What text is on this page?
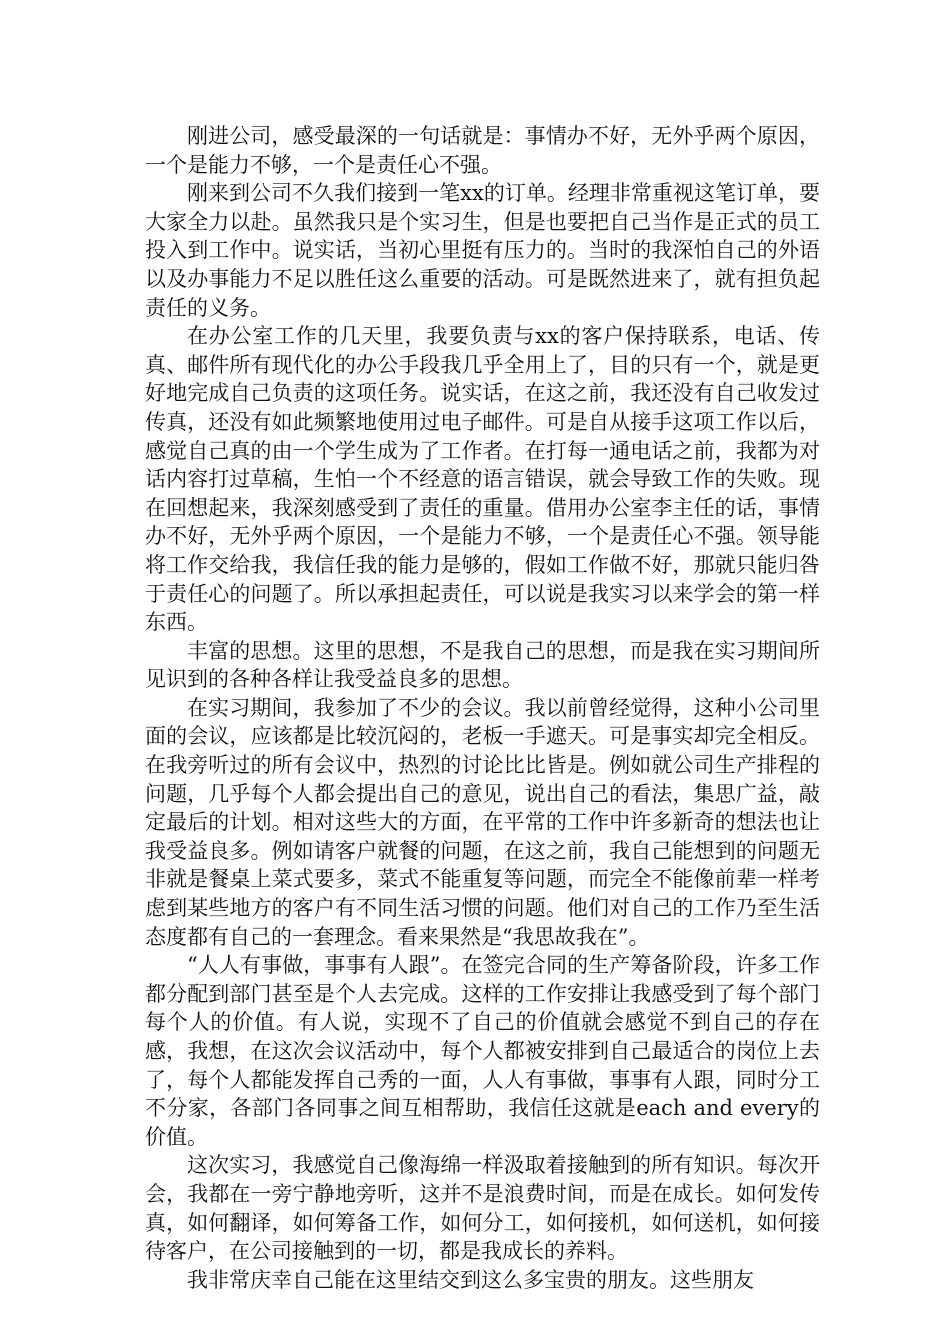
刚进公司，感受最深的一句话就是：事情办不好，无外乎两个原因，一个是能力不够，一个是责任心不强。

刚来到公司不久我们接到一笔xx的订单。经理非常重视这笔订单，要大家全力以赴。虽然我只是个实习生，但是也要把自己当作是正式的员工投入到工作中。说实话，当初心里挺有压力的。当时的我深怕自己的外语以及办事能力不足以胜任这么重要的活动。可是既然进来了，就有担负起责任的义务。

在办公室工作的几天里，我要负责与xx的客户保持联系，电话、传真、邮件所有现代化的办公手段我几乎全用上了，目的只有一个，就是更好地完成自己负责的这项任务。说实话，在这之前，我还没有自己收发过传真，还没有如此频繁地使用过电子邮件。可是自从接手这项工作以后，感觉自己真的由一个学生成为了工作者。在打每一通电话之前，我都为对话内容打过草稿，生怕一个不经意的语言错误，就会导致工作的失败。现在回想起来，我深刻感受到了责任的重量。借用办公室李主任的话，事情办不好，无外乎两个原因，一个是能力不够，一个是责任心不强。领导能将工作交给我，我信任我的能力是够的，假如工作做不好，那就只能归咎于责任心的问题了。所以承担起责任，可以说是我实习以来学会的第一样东西。

丰富的思想。这里的思想，不是我自己的思想，而是我在实习期间所见识到的各种各样让我受益良多的思想。

在实习期间，我参加了不少的会议。我以前曾经觉得，这种小公司里面的会议，应该都是比较沉闷的，老板一手遮天。可是事实却完全相反。在我旁听过的所有会议中，热烈的讨论比比皆是。例如就公司生产排程的问题，几乎每个人都会提出自己的意见，说出自己的看法，集思广益，敲定最后的计划。相对这些大的方面，在平常的工作中许多新奇的想法也让我受益良多。例如请客户就餐的问题，在这之前，我自己能想到的问题无非就是餐桌上菜式要多，菜式不能重复等问题，而完全不能像前辈一样考虑到某些地方的客户有不同生活习惯的问题。他们对自己的工作乃至生活态度都有自己的一套理念。看来果然是“我思故我在”。

“人人有事做，事事有人跟”。在签完合同的生产筹备阶段，许多工作都分配到部门甚至是个人去完成。这样的工作安排让我感受到了每个部门每个人的价值。有人说，实现不了自己的价值就会感觉不到自己的存在感，我想，在这次会议活动中，每个人都被安排到自己最适合的岗位上去了，每个人都能发挥自己秀的一面，人人有事做，事事有人跟，同时分工不分家，各部门各同事之间互相帮助，我信任这就是each and every的价值。

这次实习，我感觉自己像海绵一样汲取着接触到的所有知识。每次开会，我都在一旁宁静地旁听，这并不是浪费时间，而是在成长。如何发传真，如何翻译，如何筹备工作，如何分工，如何接机，如何送机，如何接待客户，在公司接触到的一切，都是我成长的养料。

我非常庆幸自己能在这里结交到这么多宝贵的朋友。这些朋友
